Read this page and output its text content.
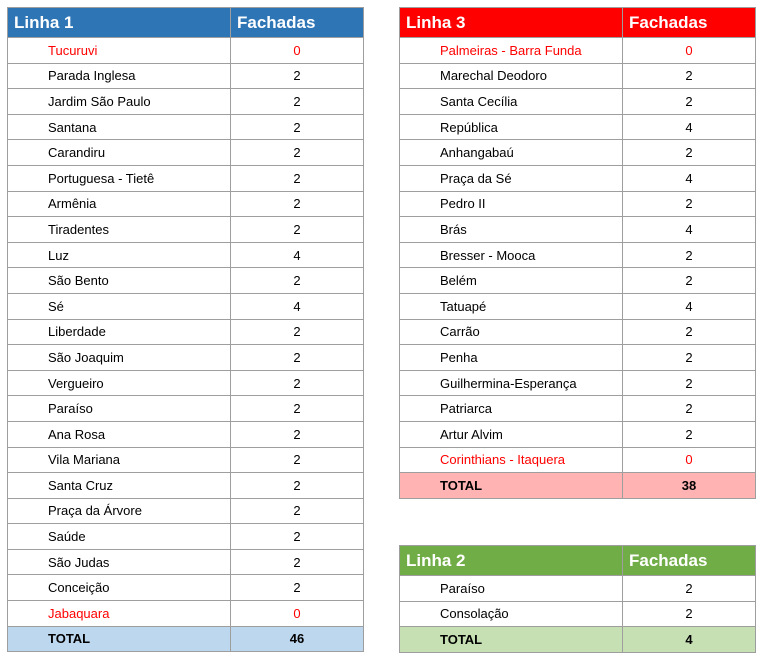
Linha 1	Fachadas
Tucuruvi	0
Parada Inglesa	2
Jardim São Paulo	2
Santana	2
Carandiru	2
Portuguesa - Tietê	2
Armênia	2
Tiradentes	2
Luz	4
São Bento	2
Sé	4
Liberdade	2
São Joaquim	2
Vergueiro	2
Paraíso	2
Ana Rosa	2
Vila Mariana	2
Santa Cruz	2
Praça da Árvore	2
Saúde	2
São Judas	2
Conceição	2
Jabaquara	0
TOTAL	46
Linha 3	Fachadas
Palmeiras - Barra Funda	0
Marechal Deodoro	2
Santa Cecília	2
República	4
Anhangabaú	2
Praça da Sé	4
Pedro II	2
Brás	4
Bresser - Mooca	2
Belém	2
Tatuapé	4
Carrão	2
Penha	2
Guilhermina-Esperança	2
Patriarca	2
Artur Alvim	2
Corinthians - Itaquera	0
TOTAL	38
Linha 2	Fachadas
Paraíso	2
Consolação	2
TOTAL	4
